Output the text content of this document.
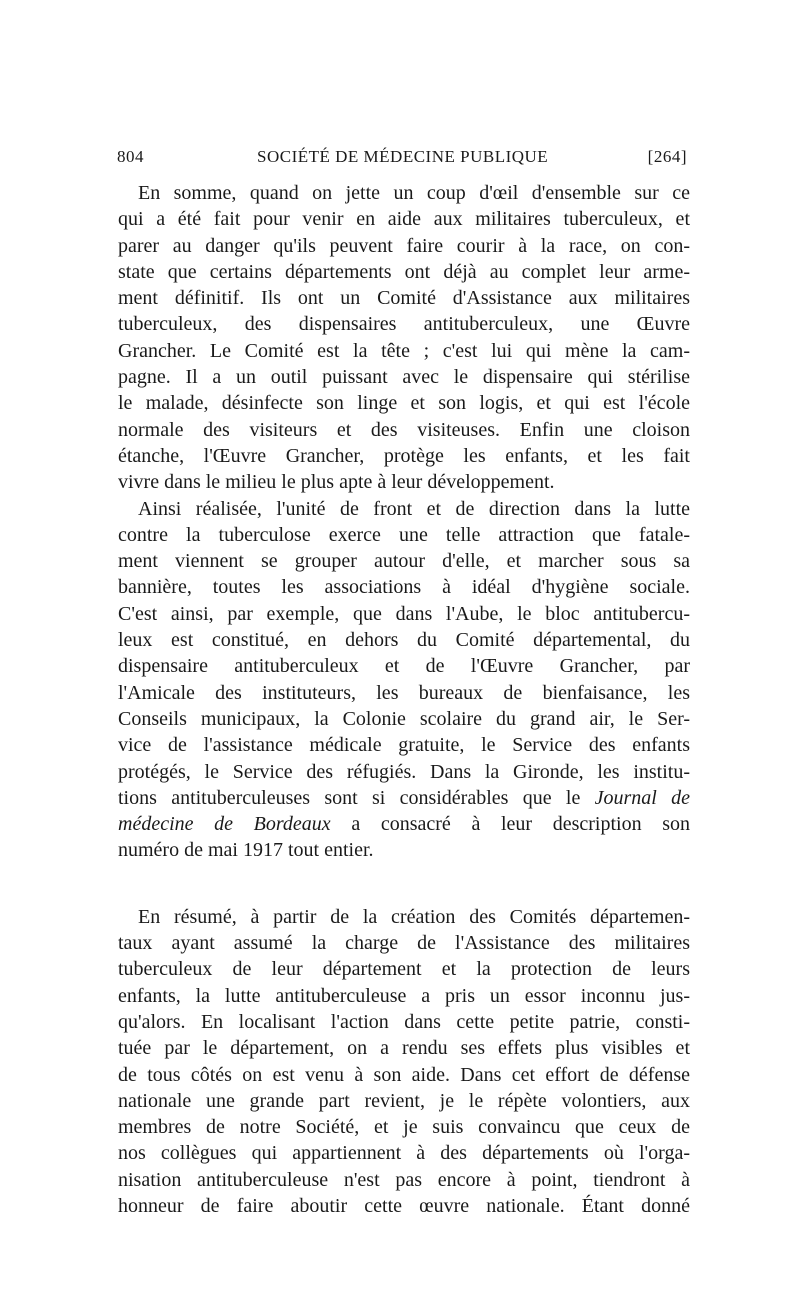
804	SOCIÉTÉ DE MÉDECINE PUBLIQUE	[264]
En somme, quand on jette un coup d'œil d'ensemble sur ce
qui a été fait pour venir en aide aux militaires tuberculeux, et
parer au danger qu'ils peuvent faire courir à la race, on con-
state que certains départements ont déjà au complet leur arme-
ment définitif. Ils ont un Comité d'Assistance aux militaires
tuberculeux, des dispensaires antituberculeux, une Œuvre
Grancher. Le Comité est la tête ; c'est lui qui mène la cam-
pagne. Il a un outil puissant avec le dispensaire qui stérilise
le malade, désinfecte son linge et son logis, et qui est l'école
normale des visiteurs et des visiteuses. Enfin une cloison
étanche, l'Œuvre Grancher, protège les enfants, et les fait
vivre dans le milieu le plus apte à leur développement.
Ainsi réalisée, l'unité de front et de direction dans la lutte
contre la tuberculose exerce une telle attraction que fatale-
ment viennent se grouper autour d'elle, et marcher sous sa
bannière, toutes les associations à idéal d'hygiène sociale.
C'est ainsi, par exemple, que dans l'Aube, le bloc antitubercu-
leux est constitué, en dehors du Comité départemental, du
dispensaire antituberculeux et de l'Œuvre Grancher, par
l'Amicale des instituteurs, les bureaux de bienfaisance, les
Conseils municipaux, la Colonie scolaire du grand air, le Ser-
vice de l'assistance médicale gratuite, le Service des enfants
protégés, le Service des réfugiés. Dans la Gironde, les institu-
tions antituberculeuses sont si considérables que le Journal de
médecine de Bordeaux a consacré à leur description son
numéro de mai 1917 tout entier.
En résumé, à partir de la création des Comités départemen-
taux ayant assumé la charge de l'Assistance des militaires
tuberculeux de leur département et la protection de leurs
enfants, la lutte antituberculeuse a pris un essor inconnu jus-
qu'alors. En localisant l'action dans cette petite patrie, consti-
tuée par le département, on a rendu ses effets plus visibles et
de tous côtés on est venu à son aide. Dans cet effort de défense
nationale une grande part revient, je le répète volontiers, aux
membres de notre Société, et je suis convaincu que ceux de
nos collègues qui appartiennent à des départements où l'orga-
nisation antituberculeuse n'est pas encore à point, tiendront à
honneur de faire aboutir cette œuvre nationale. Étant donné
